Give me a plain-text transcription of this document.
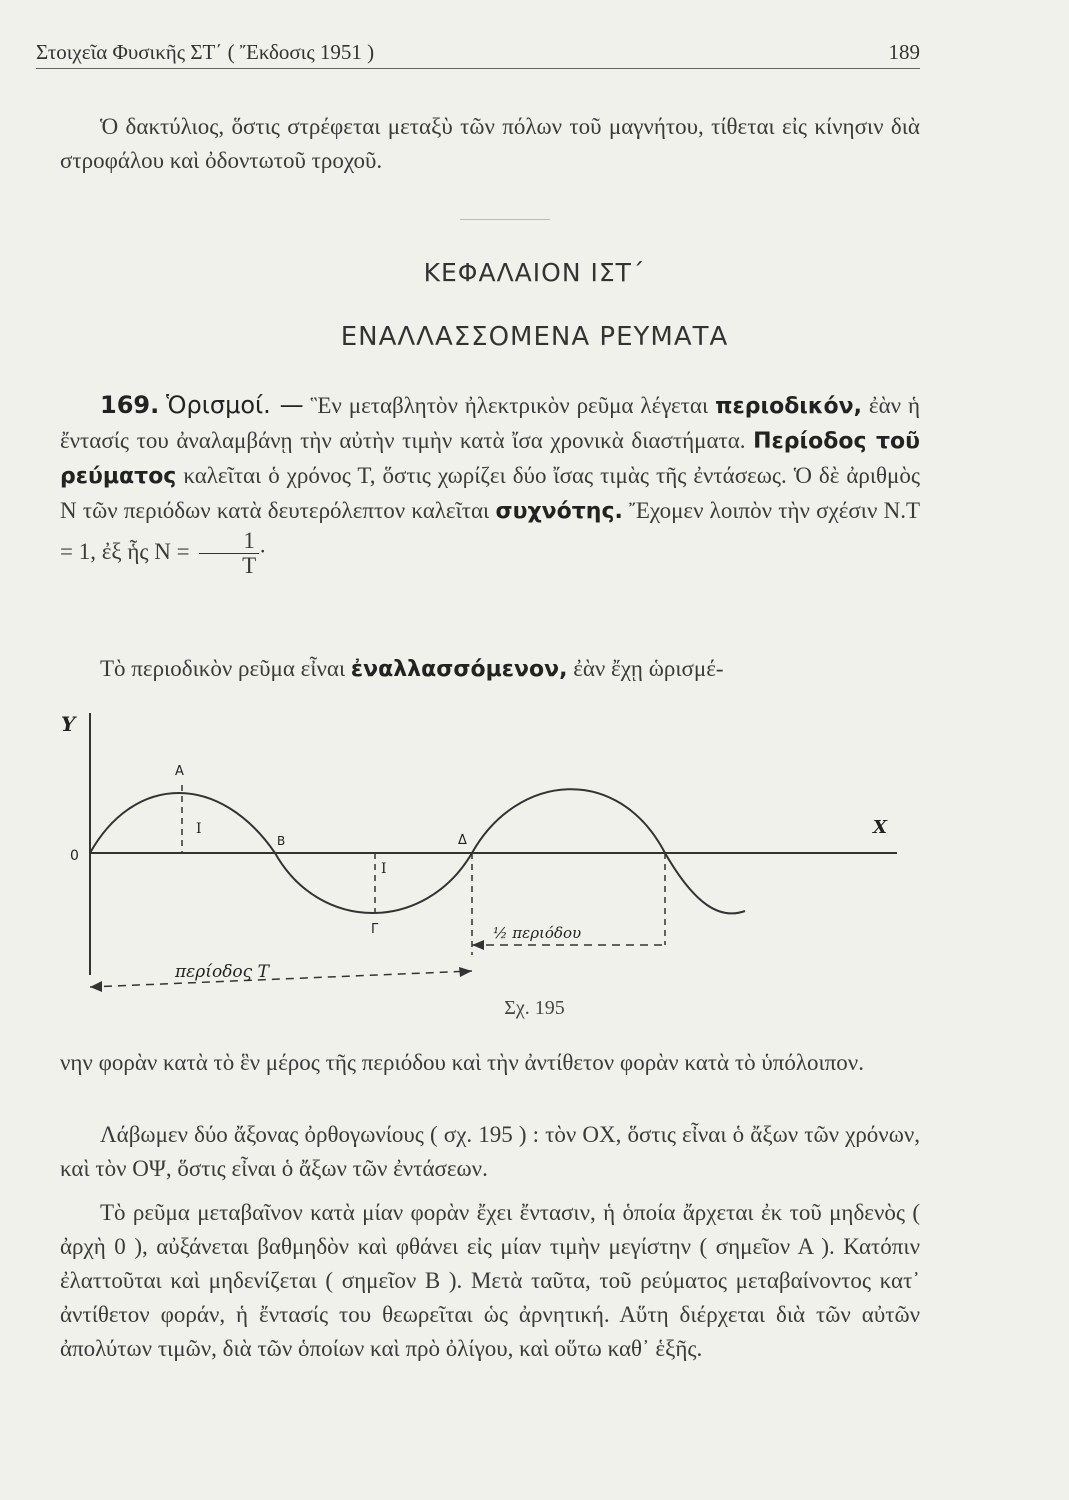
Στοιχεῖα Φυσικῆς ΣΤ΄ ( Ἔκδοσις 1951 )	189

Ὁ δακτύλιος, ὅστις στρέφεται μεταξὺ τῶν πόλων τοῦ μαγνήτου, τίθεται εἰς κίνησιν διὰ στροφάλου καὶ ὀδοντωτοῦ τροχοῦ.

ΚΕΦΑΛΑΙΟΝ ΙΣΤ΄
ΕΝΑΛΛΑΣΣΟΜΕΝΑ ΡΕΥΜΑΤΑ

169. Ὁρισμοί. — Ἓν μεταβλητὸν ἠλεκτρικὸν ρεῦμα λέγεται περιοδικόν, ἐὰν ἡ ἔντασίς του ἀναλαμβάνῃ τὴν αὐτὴν τιμὴν κατὰ ἴσα χρονικὰ διαστήματα. Περίοδος τοῦ ρεύματος καλεῖται ὁ χρόνος Τ, ὅστις χωρίζει δύο ἴσας τιμὰς τῆς ἐντάσεως. Ὁ δὲ ἀριθμὸς Ν τῶν περιόδων κατὰ δευτερόλεπτον καλεῖται συχνότης. Ἔχομεν λοιπὸν τὴν σχέσιν Ν.Τ = 1, ἐξ ἧς $N = \frac{1}{T}$ ·

Τὸ περιοδικὸν ρεῦμα εἶναι ἐναλλασσόμενον, ἐὰν ἔχῃ ὡρισμέ-

Y
X
0
Α
Β
Γ
Δ
Ι
Ι
περίοδος Τ
½ περιόδου
Σχ. 195

νην φορὰν κατὰ τὸ ἓν μέρος τῆς περιόδου καὶ τὴν ἀντίθετον φορὰν κατὰ τὸ ὑπόλοιπον.

Λάβωμεν δύο ἄξονας ὀρθογωνίους ( σχ. 195 ) : τὸν ΟΧ, ὅστις εἶναι ὁ ἄξων τῶν χρόνων, καὶ τὸν ΟΨ, ὅστις εἶναι ὁ ἄξων τῶν ἐντάσεων.

Τὸ ρεῦμα μεταβαῖνον κατὰ μίαν φορὰν ἔχει ἔντασιν, ἡ ὁποία ἄρχεται ἐκ τοῦ μηδενὸς ( ἀρχὴ 0 ), αὐξάνεται βαθμηδὸν καὶ φθάνει εἰς μίαν τιμὴν μεγίστην ( σημεῖον Α ). Κατόπιν ἐλαττοῦται καὶ μηδενίζεται ( σημεῖον Β ). Μετὰ ταῦτα, τοῦ ρεύματος μεταβαίνοντος κατ᾽ ἀντίθετον φοράν, ἡ ἔντασίς του θεωρεῖται ὡς ἀρνητική. Αὕτη διέρχεται διὰ τῶν αὐτῶν ἀπολύτων τιμῶν, διὰ τῶν ὁποίων καὶ πρὸ ὀλίγου, καὶ οὕτω καθ᾽ ἑξῆς.
